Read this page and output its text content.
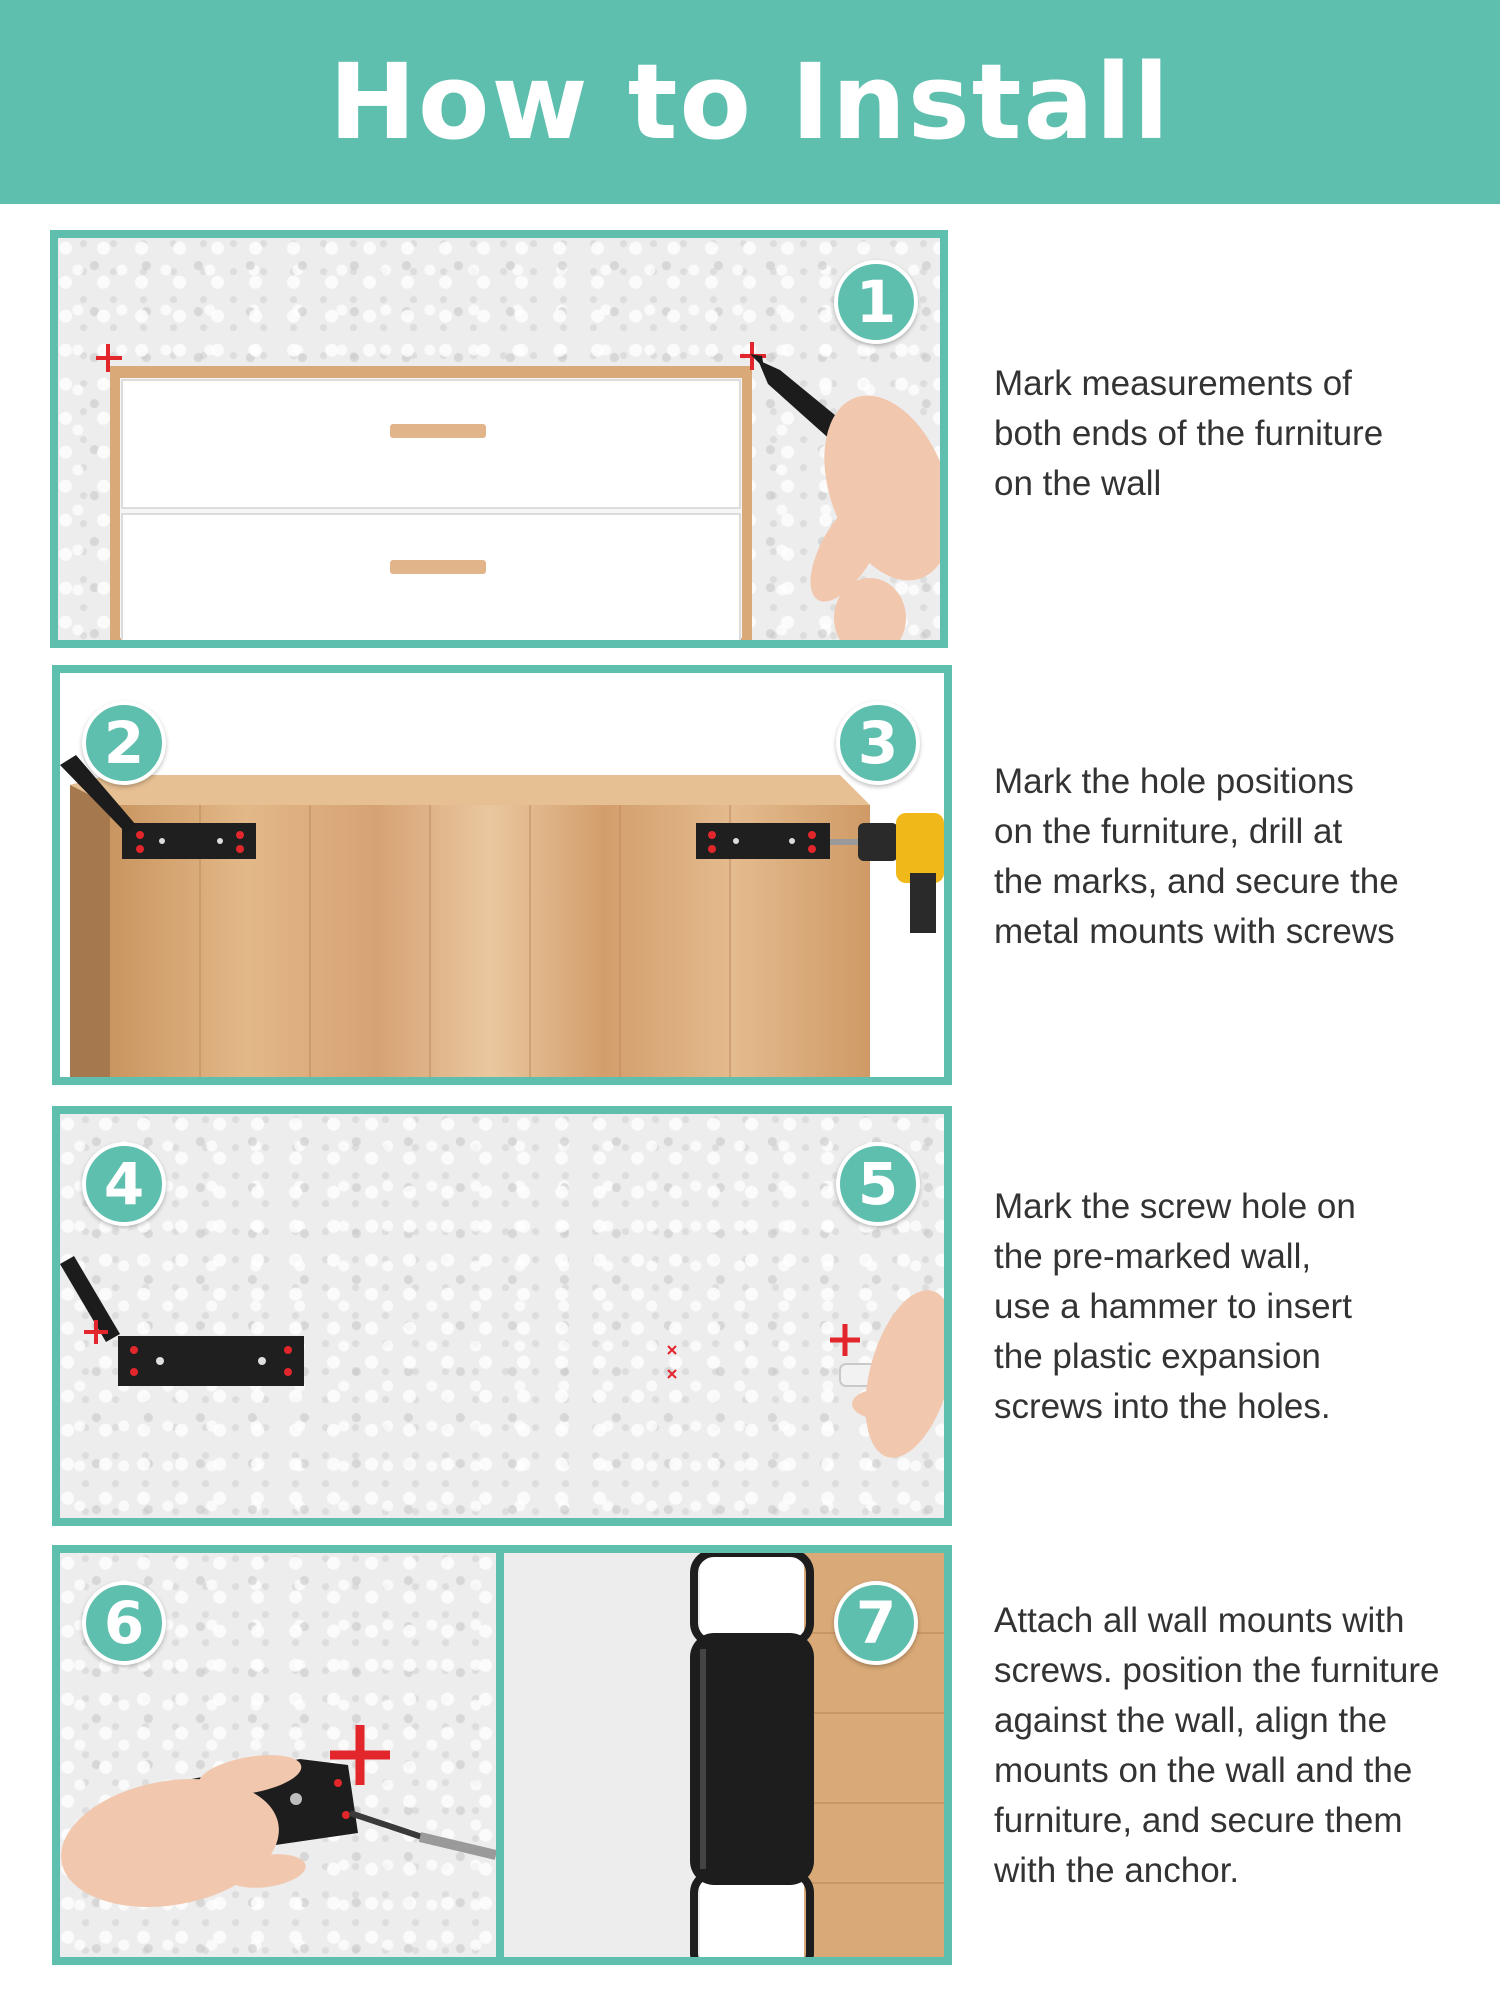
How to Install
1
Mark measurements of
both ends of the furniture
on the wall
2	3
Mark the hole positions
on the furniture, drill at
the marks, and secure the
metal mounts with screws
4	5	Mark the screw hole on
the pre-marked wall,
use a hammer to insert
the plastic expansion
screws into the holes.
6	7	Attach all wall mounts with
screws. position the furniture
against the wall, align the
mounts on the wall and the
furniture, and secure them
with the anchor.
